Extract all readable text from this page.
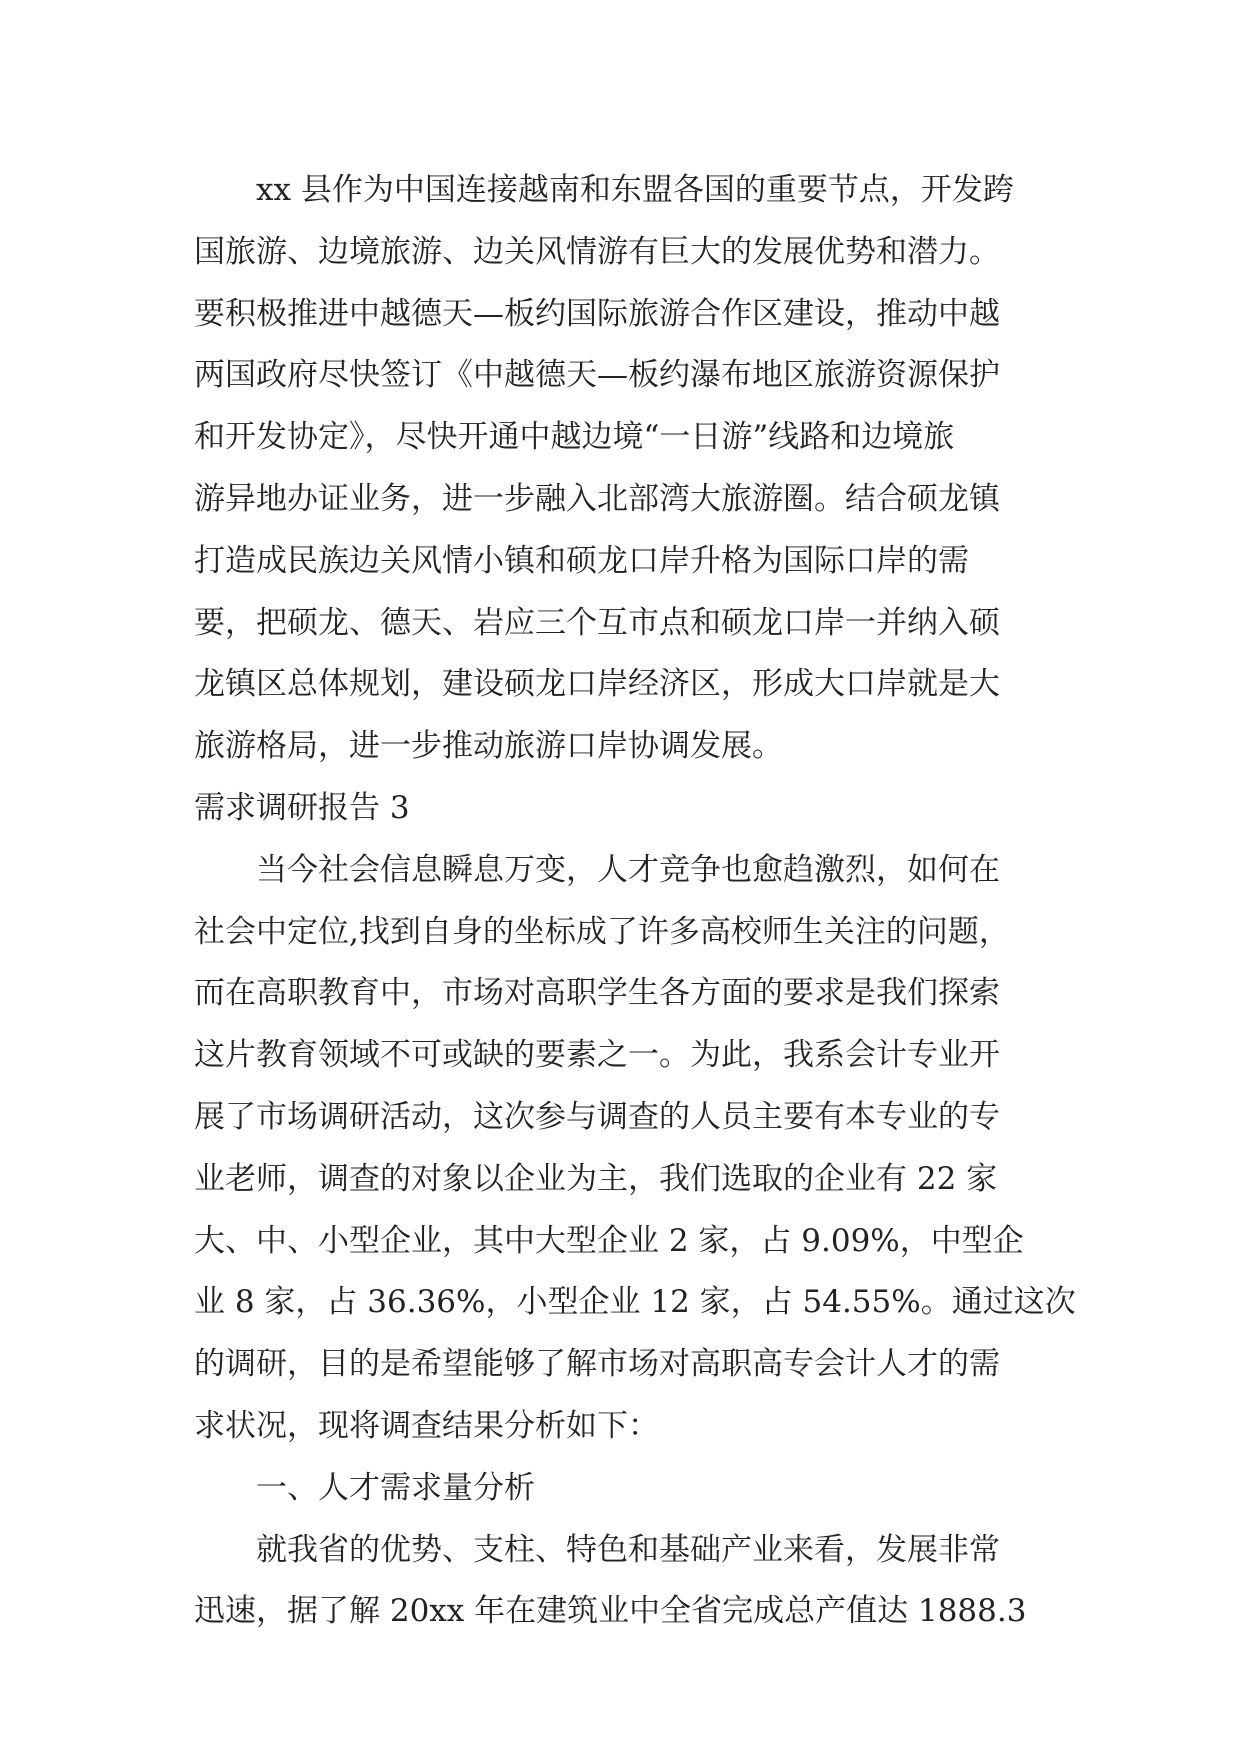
xx 县作为中国连接越南和东盟各国的重要节点，开发跨
国旅游、边境旅游、边关风情游有巨大的发展优势和潜力。
要积极推进中越德天—板约国际旅游合作区建设，推动中越
两国政府尽快签订《中越德天—板约瀑布地区旅游资源保护
和开发协定》，尽快开通中越边境“一日游”线路和边境旅
游异地办证业务，进一步融入北部湾大旅游圈。结合硕龙镇
打造成民族边关风情小镇和硕龙口岸升格为国际口岸的需
要，把硕龙、德天、岩应三个互市点和硕龙口岸一并纳入硕
龙镇区总体规划，建设硕龙口岸经济区，形成大口岸就是大
旅游格局，进一步推动旅游口岸协调发展。
需求调研报告 3
当今社会信息瞬息万变，人才竞争也愈趋激烈，如何在
社会中定位,找到自身的坐标成了许多高校师生关注的问题，
而在高职教育中，市场对高职学生各方面的要求是我们探索
这片教育领域不可或缺的要素之一。为此，我系会计专业开
展了市场调研活动，这次参与调查的人员主要有本专业的专
业老师，调查的对象以企业为主，我们选取的企业有 22 家
大、中、小型企业，其中大型企业 2 家，占 9.09%，中型企
业 8 家，占 36.36%，小型企业 12 家，占 54.55%。通过这次
的调研，目的是希望能够了解市场对高职高专会计人才的需
求状况，现将调查结果分析如下：
一、人才需求量分析
就我省的优势、支柱、特色和基础产业来看，发展非常
迅速，据了解 20xx 年在建筑业中全省完成总产值达 1888.3
